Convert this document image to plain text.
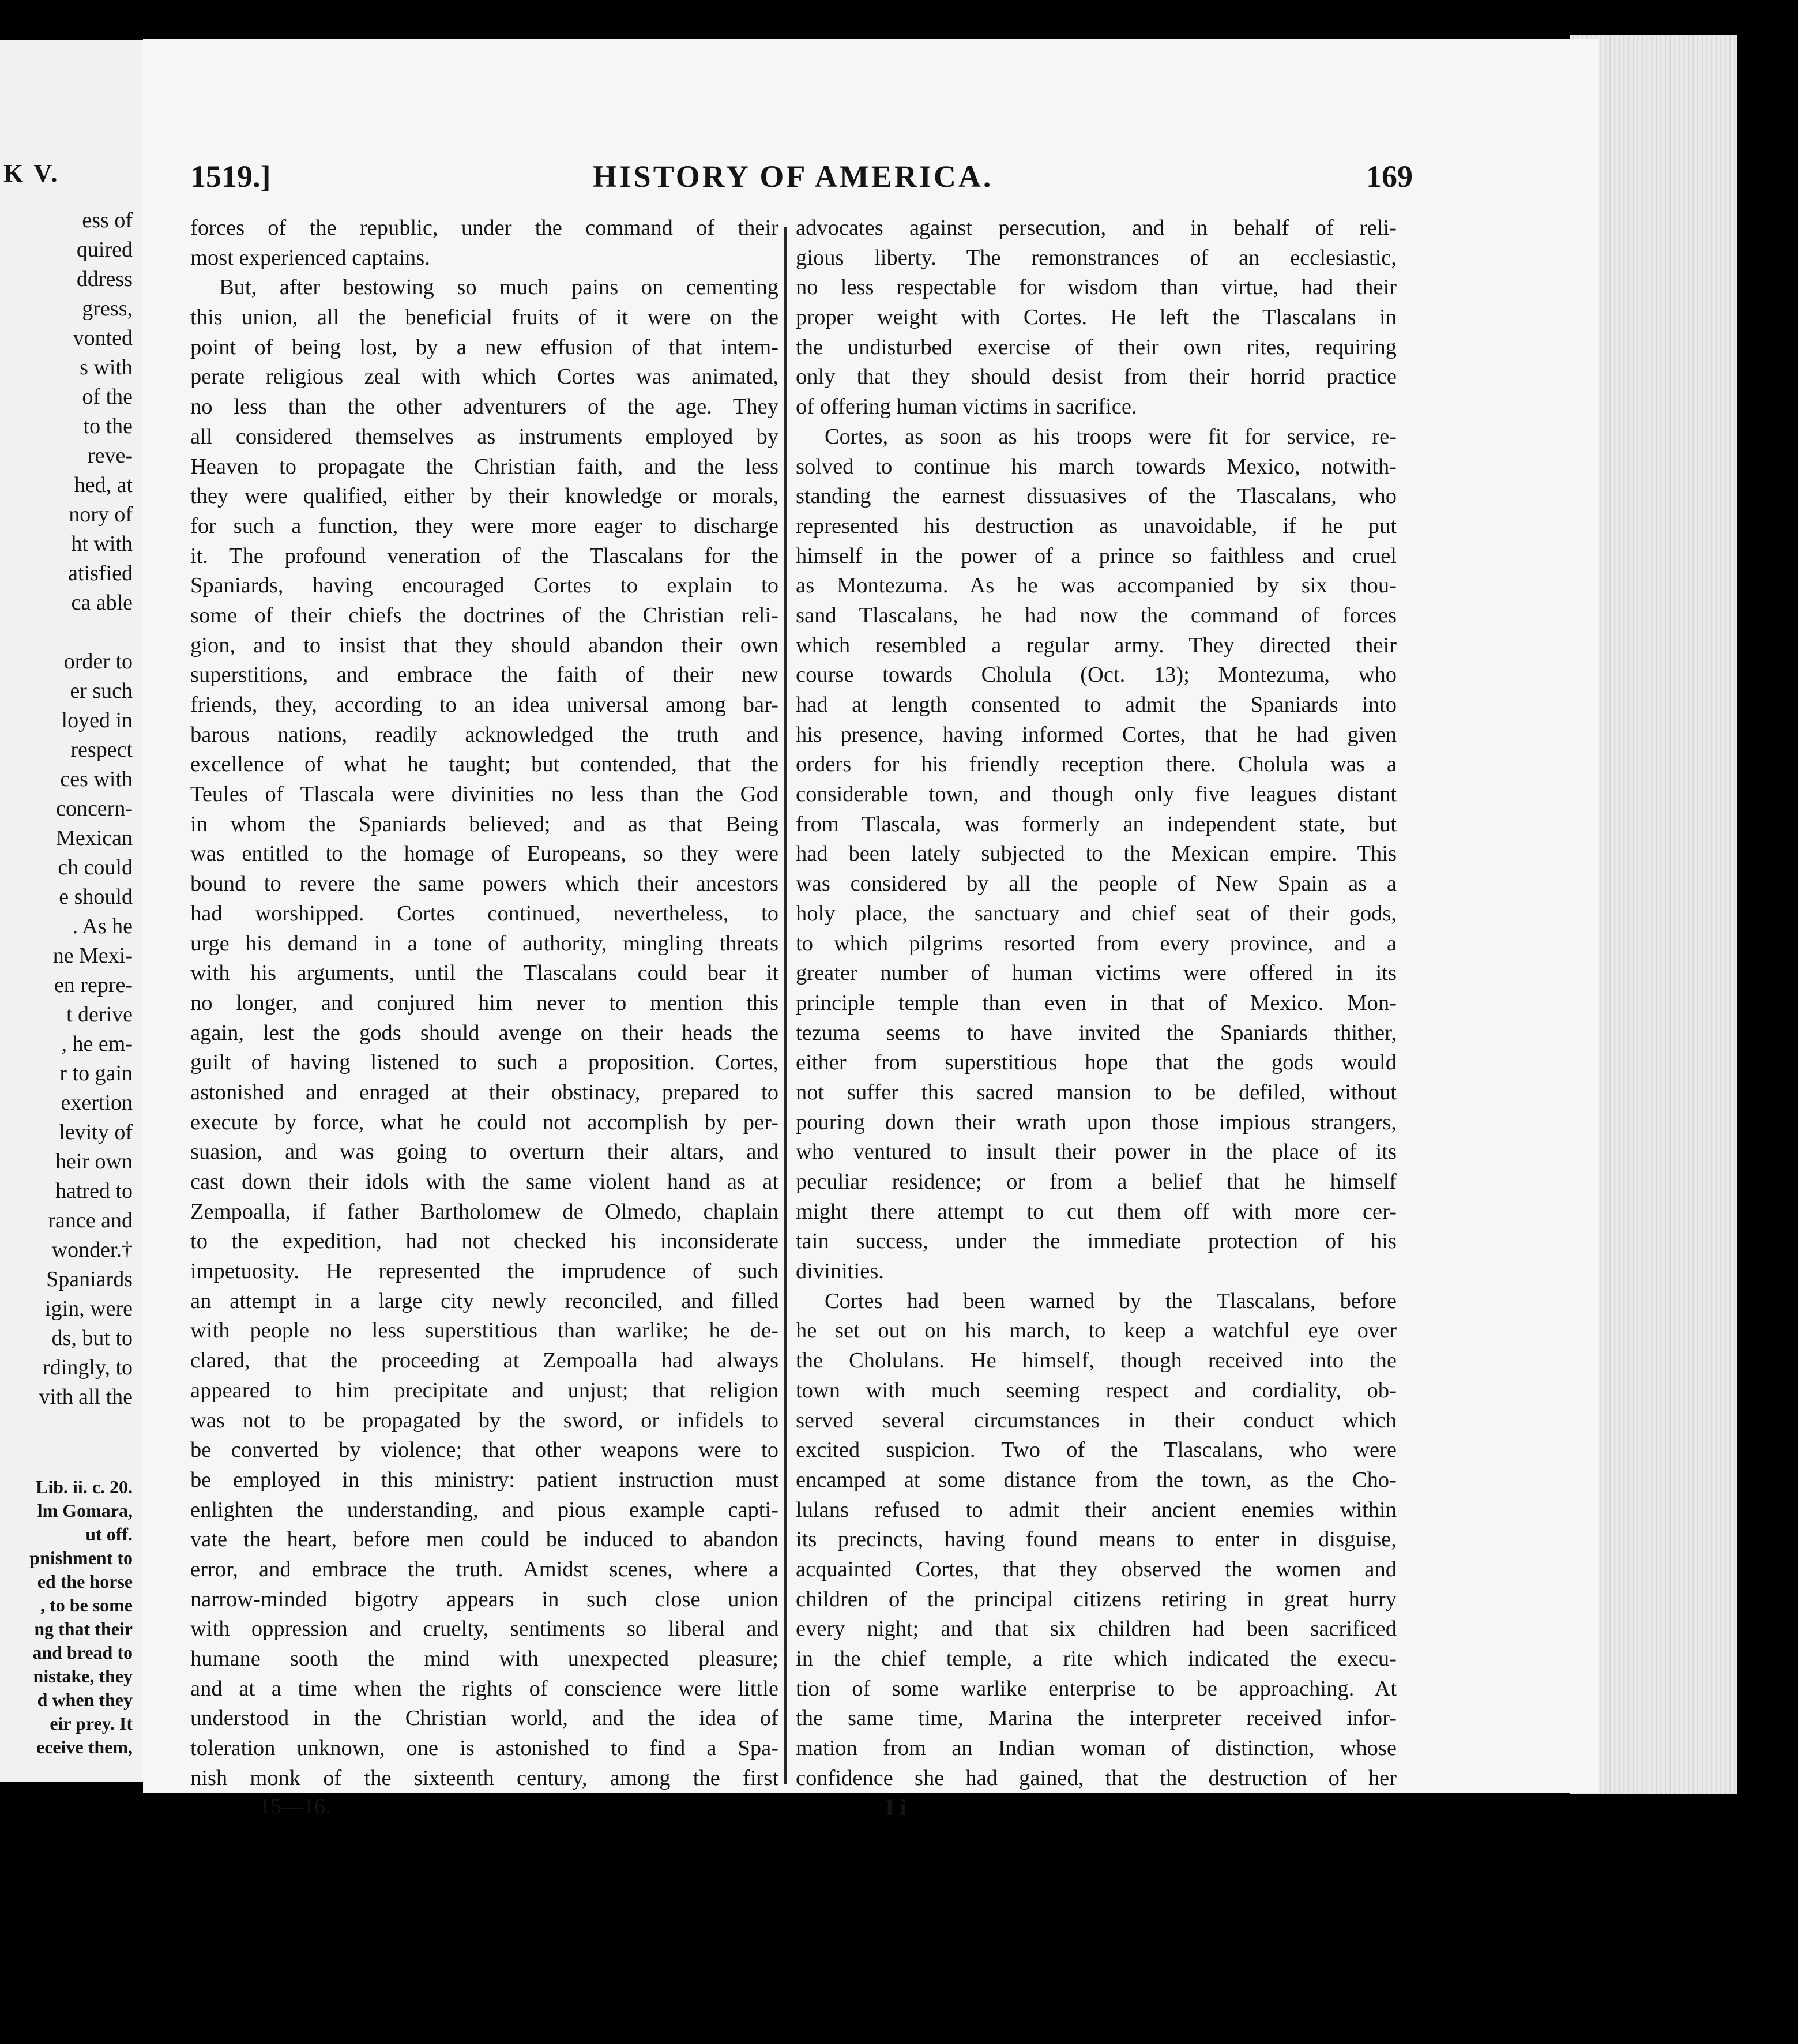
K V.
ess of
quired
ddress
gress,
vonted
s with
of the
to the
reve-
hed, at
nory of
ht with
atisfied
ca able
order to
er such
loyed in
respect
ces with
concern-
Mexican
ch could
e should
. As he
ne Mexi-
en repre-
t derive
, he em-
r to gain
exertion
levity of
heir own
hatred to
rance and
wonder.†
Spaniards
igin, were
ds, but to
rdingly, to
vith all the
Lib. ii. c. 20.
lm Gomara,
ut off.
pnishment to
ed the horse
, to be some
ng that their
and bread to
nistake, they
d when they
eir prey. It
eceive them,
1519.]	HISTORY OF AMERICA.	169
forces of the republic, under the command of their
most experienced captains.
But, after bestowing so much pains on cementing
this union, all the beneficial fruits of it were on the
point of being lost, by a new effusion of that intem-
perate religious zeal with which Cortes was animated,
no less than the other adventurers of the age. They
all considered themselves as instruments employed by
Heaven to propagate the Christian faith, and the less
they were qualified, either by their knowledge or morals,
for such a function, they were more eager to discharge
it. The profound veneration of the Tlascalans for the
Spaniards, having encouraged Cortes to explain to
some of their chiefs the doctrines of the Christian reli-
gion, and to insist that they should abandon their own
superstitions, and embrace the faith of their new
friends, they, according to an idea universal among bar-
barous nations, readily acknowledged the truth and
excellence of what he taught; but contended, that the
Teules of Tlascala were divinities no less than the God
in whom the Spaniards believed; and as that Being
was entitled to the homage of Europeans, so they were
bound to revere the same powers which their ancestors
had worshipped. Cortes continued, nevertheless, to
urge his demand in a tone of authority, mingling threats
with his arguments, until the Tlascalans could bear it
no longer, and conjured him never to mention this
again, lest the gods should avenge on their heads the
guilt of having listened to such a proposition. Cortes,
astonished and enraged at their obstinacy, prepared to
execute by force, what he could not accomplish by per-
suasion, and was going to overturn their altars, and
cast down their idols with the same violent hand as at
Zempoalla, if father Bartholomew de Olmedo, chaplain
to the expedition, had not checked his inconsiderate
impetuosity. He represented the imprudence of such
an attempt in a large city newly reconciled, and filled
with people no less superstitious than warlike; he de-
clared, that the proceeding at Zempoalla had always
appeared to him precipitate and unjust; that religion
was not to be propagated by the sword, or infidels to
be converted by violence; that other weapons were to
be employed in this ministry: patient instruction must
enlighten the understanding, and pious example capti-
vate the heart, before men could be induced to abandon
error, and embrace the truth. Amidst scenes, where a
narrow-minded bigotry appears in such close union
with oppression and cruelty, sentiments so liberal and
humane sooth the mind with unexpected pleasure;
and at a time when the rights of conscience were little
understood in the Christian world, and the idea of
toleration unknown, one is astonished to find a Spa-
nish monk of the sixteenth century, among the first
advocates against persecution, and in behalf of reli-
gious liberty. The remonstrances of an ecclesiastic,
no less respectable for wisdom than virtue, had their
proper weight with Cortes. He left the Tlascalans in
the undisturbed exercise of their own rites, requiring
only that they should desist from their horrid practice
of offering human victims in sacrifice.
Cortes, as soon as his troops were fit for service, re-
solved to continue his march towards Mexico, notwith-
standing the earnest dissuasives of the Tlascalans, who
represented his destruction as unavoidable, if he put
himself in the power of a prince so faithless and cruel
as Montezuma. As he was accompanied by six thou-
sand Tlascalans, he had now the command of forces
which resembled a regular army. They directed their
course towards Cholula (Oct. 13); Montezuma, who
had at length consented to admit the Spaniards into
his presence, having informed Cortes, that he had given
orders for his friendly reception there. Cholula was a
considerable town, and though only five leagues distant
from Tlascala, was formerly an independent state, but
had been lately subjected to the Mexican empire. This
was considered by all the people of New Spain as a
holy place, the sanctuary and chief seat of their gods,
to which pilgrims resorted from every province, and a
greater number of human victims were offered in its
principle temple than even in that of Mexico. Mon-
tezuma seems to have invited the Spaniards thither,
either from superstitious hope that the gods would
not suffer this sacred mansion to be defiled, without
pouring down their wrath upon those impious strangers,
who ventured to insult their power in the place of its
peculiar residence; or from a belief that he himself
might there attempt to cut them off with more cer-
tain success, under the immediate protection of his
divinities.
Cortes had been warned by the Tlascalans, before
he set out on his march, to keep a watchful eye over
the Cholulans. He himself, though received into the
town with much seeming respect and cordiality, ob-
served several circumstances in their conduct which
excited suspicion. Two of the Tlascalans, who were
encamped at some distance from the town, as the Cho-
lulans refused to admit their ancient enemies within
its precincts, having found means to enter in disguise,
acquainted Cortes, that they observed the women and
children of the principal citizens retiring in great hurry
every night; and that six children had been sacrificed
in the chief temple, a rite which indicated the execu-
tion of some warlike enterprise to be approaching. At
the same time, Marina the interpreter received infor-
mation from an Indian woman of distinction, whose
confidence she had gained, that the destruction of her
15—16.	I i
